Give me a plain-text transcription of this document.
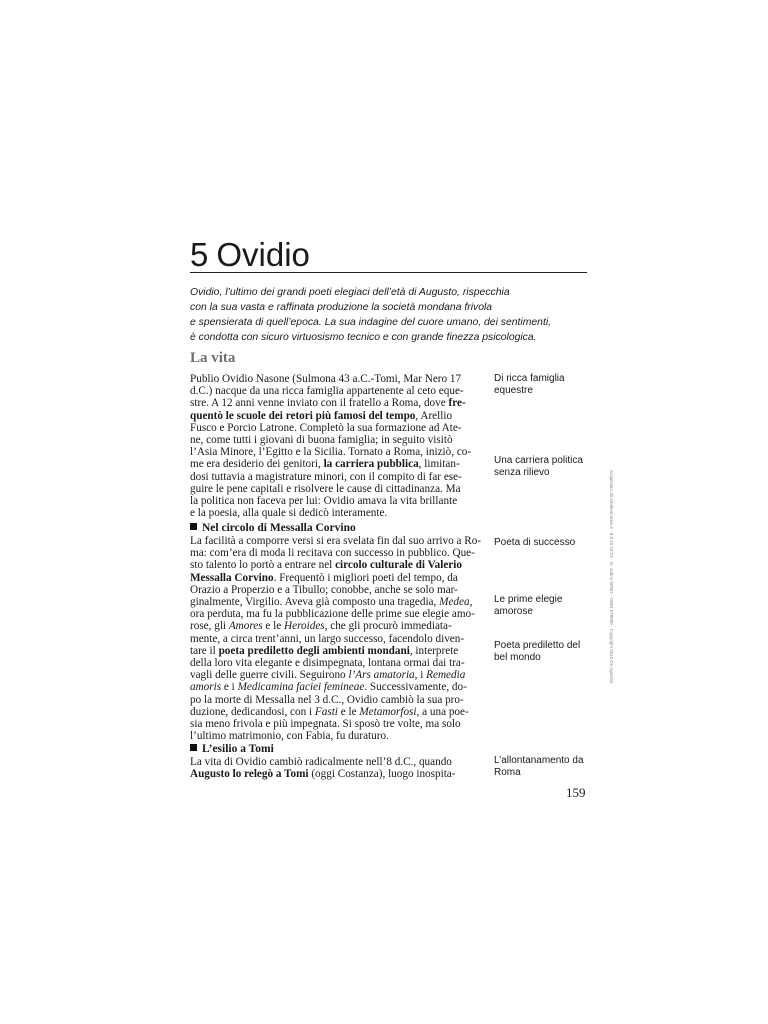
5 Ovidio
Ovidio, l’ultimo dei grandi poeti elegiaci dell’età di Augusto, rispecchia
con la sua vasta e raffinata produzione la società mondana frivola
e spensierata di quell’epoca. La sua indagine del cuore umano, dei sentimenti,
è condotta con sicuro virtuosismo tecnico e con grande finezza psicologica.
La vita
Publio Ovidio Nasone (Sulmona 43 a.C.-Tomi, Mar Nero 17
d.C.) nacque da una ricca famiglia appartenente al ceto eque-
stre. A 12 anni venne inviato con il fratello a Roma, dove fre-
quentò le scuole dei retori più famosi del tempo, Arellio
Fusco e Porcio Latrone. Completò la sua formazione ad Ate-
ne, come tutti i giovani di buona famiglia; in seguito visitò
l’Asia Minore, l’Egitto e la Sicilia. Tornato a Roma, iniziò, co-
me era desiderio dei genitori, la carriera pubblica, limitan-
dosi tuttavia a magistrature minori, con il compito di far ese-
guire le pene capitali e risolvere le cause di cittadinanza. Ma
la politica non faceva per lui: Ovidio amava la vita brillante
e la poesia, alla quale si dedicò interamente.
Nel circolo di Messalla Corvino
La facilità a comporre versi si era svelata fin dal suo arrivo a Ro-
ma: com’era di moda li recitava con successo in pubblico. Que-
sto talento lo portò a entrare nel circolo culturale di Valerio
Messalla Corvino. Frequentò i migliori poeti del tempo, da
Orazio a Properzio e a Tibullo; conobbe, anche se solo mar-
ginalmente, Virgilio. Aveva già composto una tragedia, Medea,
ora perduta, ma fu la pubblicazione delle prime sue elegie amo-
rose, gli Amores e le Heroides, che gli procurò immediata-
mente, a circa trent’anni, un largo successo, facendolo diven-
tare il poeta prediletto degli ambienti mondani, interprete
della loro vita elegante e disimpegnata, lontana ormai dai tra-
vagli delle guerre civili. Seguirono l’Ars amatoria, i Remedia
amoris e i Medicamina faciei femineae. Successivamente, do-
po la morte di Messalla nel 3 d.C., Ovidio cambiò la sua pro-
duzione, dedicandosi, con i Fasti e le Metamorfosi, a una poe-
sia meno frivola e più impegnata. Si sposò tre volte, ma solo
l’ultimo matrimonio, con Fabia, fu duraturo.
L’esilio a Tomi
La vita di Ovidio cambiò radicalmente nell’8 d.C., quando
Augusto lo relegò a Tomi (oggi Costanza), luogo inospita-
Di ricca famiglia
equestre
Una carriera politica
senza rilievo
Poeta di successo
Le prime elegie
amorose
Poeta prediletto del
bel mondo
L’allontanamento da
Roma
159
Acquistato da studenti.unito.it - 8.9.16 16:23 - N. ordine 00987 - ISBN 978880 - Copyright 2015 De Agostini
